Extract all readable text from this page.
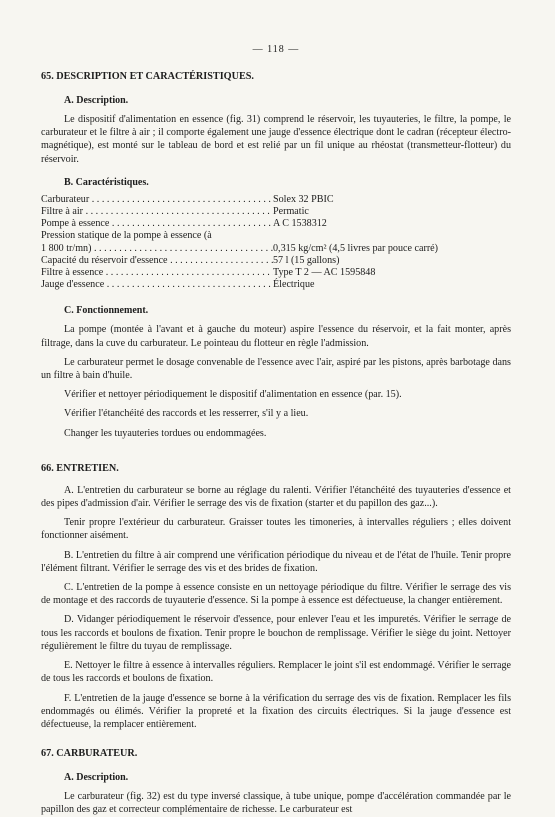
— 118 —
65. DESCRIPTION ET CARACTÉRISTIQUES.
A. Description.

Le dispositif d'alimentation en essence (fig. 31) comprend le réservoir, les tuyauteries, le filtre, la pompe, le carburateur et le filtre à air ; il comporte également une jauge d'essence électrique dont le cadran (récepteur électro-magnétique), est monté sur le tableau de bord et est relié par un fil unique au rhéostat (transmetteur-flotteur) du réservoir.

B. Caractéristiques.
Carburateur . . .	Solex 32 PBIC
Filtre à air . . .	Permatic
Pompe à essence . . .	A C 1538312
Pression statique de la pompe à essence (à
1 800 tr/mn) . . .	0,315 kg/cm² (4,5 livres par pouce carré)
Capacité du réservoir d'essence . . .	57 l (15 gallons)
Filtre à essence . . .	Type T 2 — AC 1595848
Jauge d'essence . . .	Électrique
C. Fonctionnement.

La pompe (montée à l'avant et à gauche du moteur) aspire l'essence du réservoir, et la fait monter, après filtrage, dans la cuve du carburateur. Le pointeau du flotteur en règle l'admission.

Le carburateur permet le dosage convenable de l'essence avec l'air, aspiré par les pistons, après barbotage dans un filtre à bain d'huile.

Vérifier et nettoyer périodiquement le dispositif d'alimentation en essence (par. 15).

Vérifier l'étanchéité des raccords et les resserrer, s'il y a lieu.

Changer les tuyauteries tordues ou endommagées.

66. ENTRETIEN.

A. L'entretien du carburateur se borne au réglage du ralenti. Vérifier l'étanchéité des tuyauteries d'essence et des pipes d'admission d'air. Vérifier le serrage des vis de fixation (starter et du papillon des gaz...).

Tenir propre l'extérieur du carburateur. Graisser toutes les timoneries, à intervalles réguliers ; elles doivent fonctionner aisément.

B. L'entretien du filtre à air comprend une vérification périodique du niveau et de l'état de l'huile. Tenir propre l'élément filtrant. Vérifier le serrage des vis et des brides de fixation.

C. L'entretien de la pompe à essence consiste en un nettoyage périodique du filtre. Vérifier le serrage des vis de montage et des raccords de tuyauterie d'essence. Si la pompe à essence est défectueuse, la changer entièrement.

D. Vidanger périodiquement le réservoir d'essence, pour enlever l'eau et les impuretés. Vérifier le serrage de tous les raccords et boulons de fixation. Tenir propre le bouchon de remplissage. Vérifier le siège du joint. Nettoyer régulièrement le filtre du tuyau de remplissage.

E. Nettoyer le filtre à essence à intervalles réguliers. Remplacer le joint s'il est endommagé. Vérifier le serrage de tous les raccords et boulons de fixation.

F. L'entretien de la jauge d'essence se borne à la vérification du serrage des vis de fixation. Remplacer les fils endommagés ou élimés. Vérifier la propreté et la fixation des circuits électriques. Si la jauge d'essence est défectueuse, la remplacer entièrement.

67. CARBURATEUR.
A. Description.

Le carburateur (fig. 32) est du type inversé classique, à tube unique, pompe d'accélération commandée par le papillon des gaz et correcteur complémentaire de richesse. Le carburateur est
